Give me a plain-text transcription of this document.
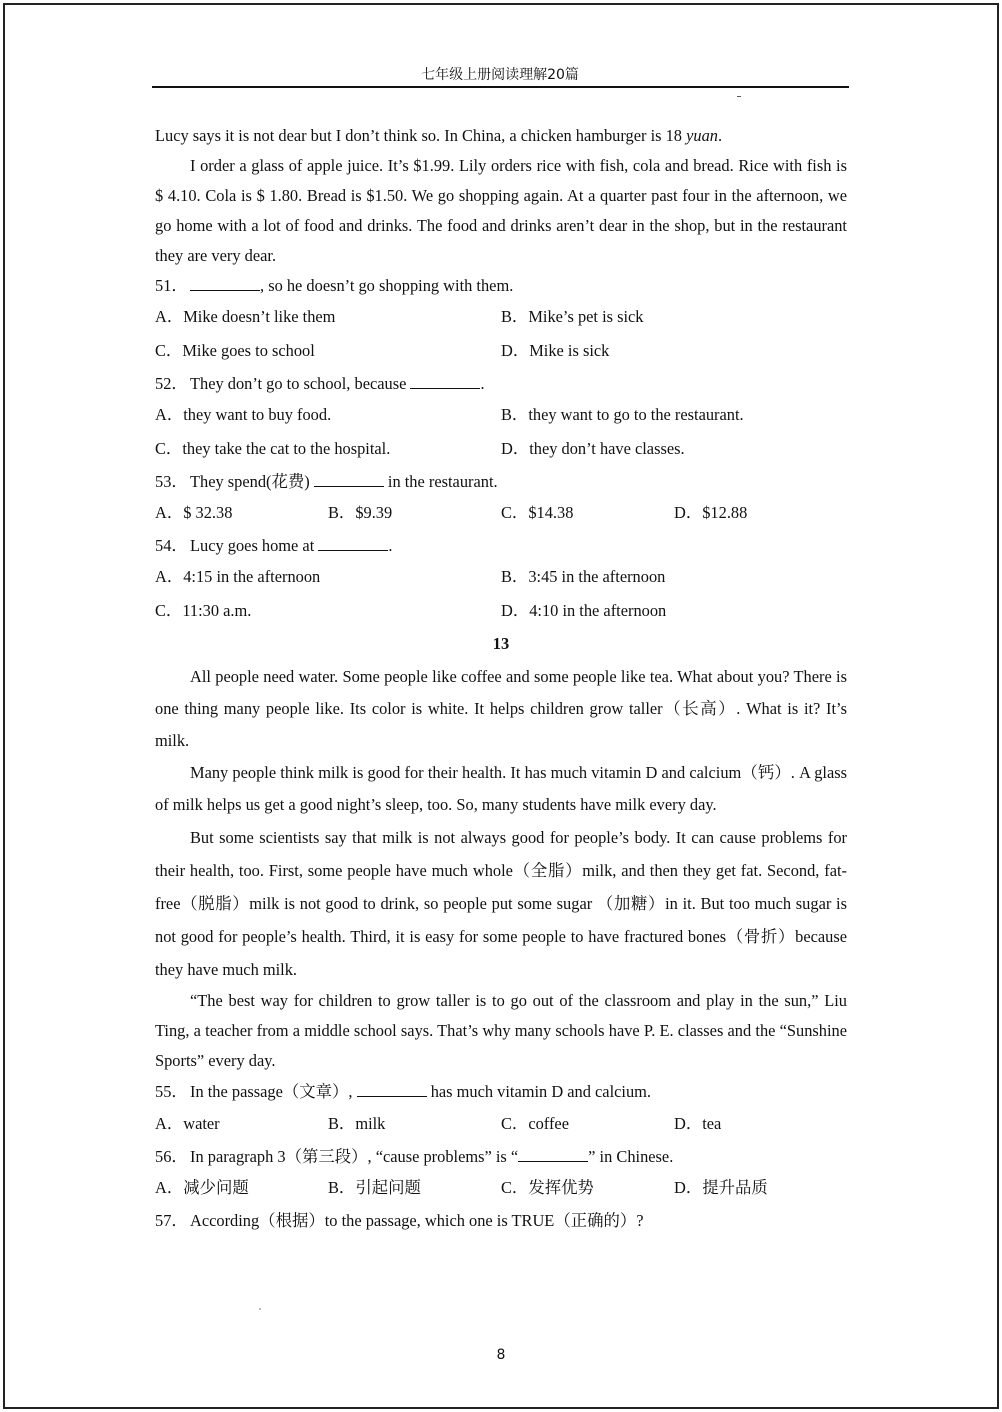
七年级上册阅读理解20篇

Lucy says it is not dear but I don’t think so. In China, a chicken hamburger is 18 yuan.

I order a glass of apple juice. It’s $1.99. Lily orders rice with fish, cola and bread. Rice with fish is $ 4.10. Cola is $ 1.80. Bread is $1.50. We go shopping again. At a quarter past four in the afternoon, we go home with a lot of food and drinks. The food and drinks aren’t dear in the shop, but in the restaurant they are very dear.

51．	, so he doesn’t go shopping with them.
A．Mike doesn’t like them	B．Mike’s pet is sick
C．Mike goes to school	D．Mike is sick
52． They don’t go to school, because	.
A．they want to buy food.	B．they want to go to the restaurant.
C．they take the cat to the hospital.	D．they don’t have classes.
53． They spend(花费)	in the restaurant.
A．$ 32.38	B．$9.39	C．$14.38	D．$12.88
54． Lucy goes home at	.
A．4:15 in the afternoon	B．3:45 in the afternoon
C．11:30 a.m.	D．4:10 in the afternoon
13

All people need water. Some people like coffee and some people like tea. What about you? There is one thing many people like. Its color is white. It helps children grow taller（长高）. What is it? It’s milk.

Many people think milk is good for their health. It has much vitamin D and calcium（钙）. A glass of milk helps us get a good night’s sleep, too. So, many students have milk every day.

But some scientists say that milk is not always good for people’s body. It can cause problems for their health, too. First, some people have much whole（全脂）milk, and then they get fat. Second, fat-free（脱脂）milk is not good to drink, so people put some sugar （加糖）in it. But too much sugar is not good for people’s health. Third, it is easy for some people to have fractured bones（骨折）because they have much milk.

“The best way for children to grow taller is to go out of the classroom and play in the sun,” Liu Ting, a teacher from a middle school says. That’s why many schools have P. E. classes and the “Sunshine Sports” every day.

55． In the passage（文章）,	has much vitamin D and calcium.
A．water	B．milk	C．coffee	D．tea
56． In paragraph 3（第三段）, “cause problems” is “	” in Chinese.
A．减少问题	B．引起问题	C．发挥优势	D．提升品质
57． According（根据）to the passage, which one is TRUE（正确的）?
8
